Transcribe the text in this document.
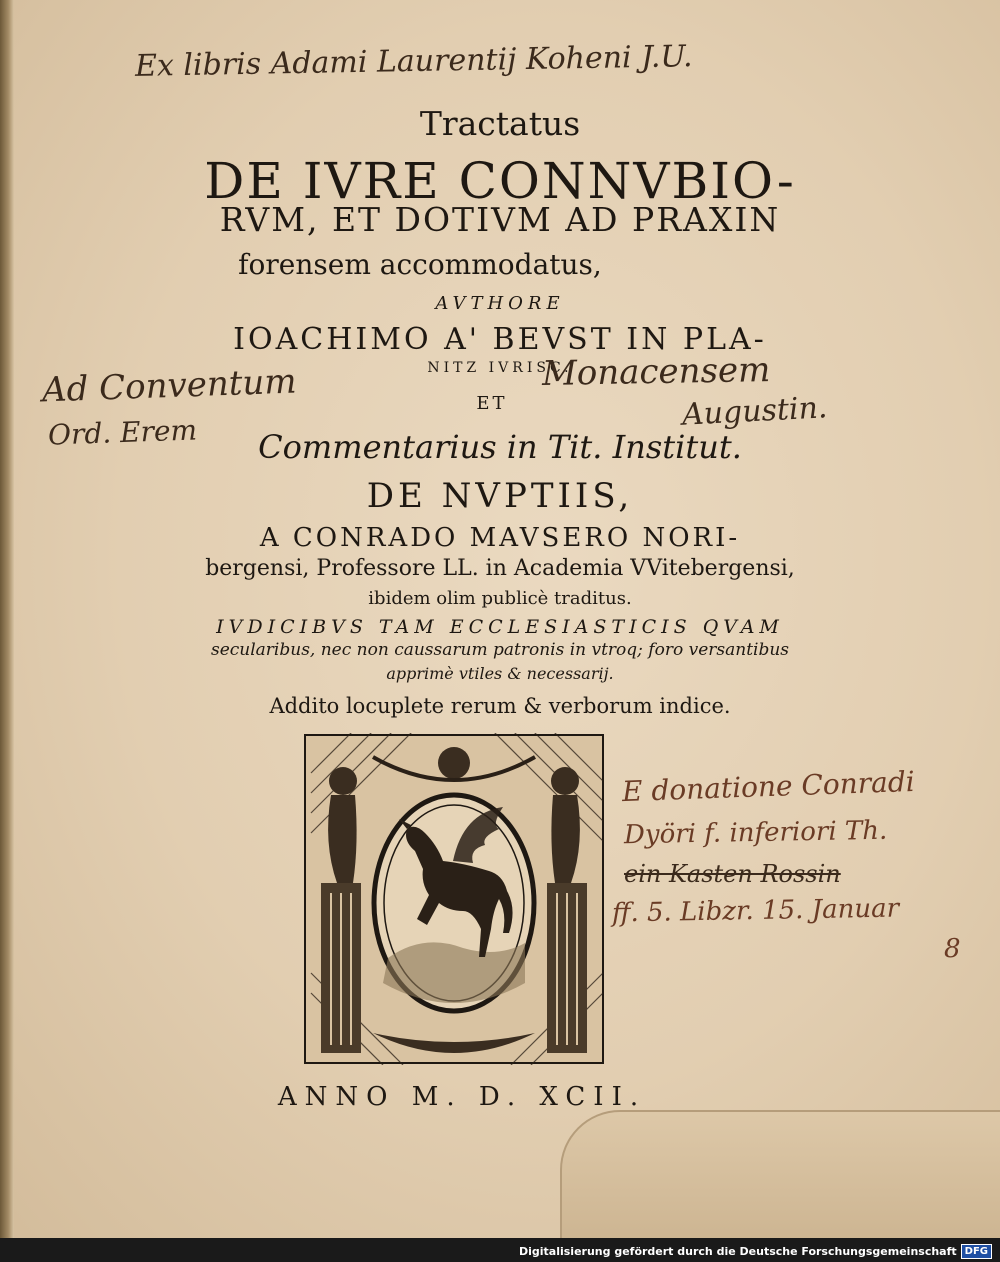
Ex libris Adami Laurentij Koheni J.U.

Tractatus

DE IVRE CONNVBIO-

RVM, ET DOTIVM AD PRAXIN

forensem accommodatus,

AVTHORE

IOACHIMO A' BEVST IN PLA-

NITZ IVRISC.

ET

Commentarius in Tit. Institut.

DE NVPTIIS,

A CONRADO MAVSERO NORI-

bergensi, Professore LL. in Academia VVitebergensi,

ibidem olim publicè traditus.

IVDICIBVS TAM ECCLESIASTICIS QVAM

secularibus, nec non caussarum patronis in vtroq; foro versantibus

apprimè vtiles & necessarij.

Addito locuplete rerum & verborum indice.

Ad Conventum
Ord. Erem
Monacensem
Augustin.
E donatione Conradi
Dyöri f. inferiori Th.
ein Kasten Rossin
ff. 5. Libzr. 15. Januar
8

ANNO M. D. XCII.

Digitalisierung gefördert durch die Deutsche Forschungsgemeinschaft DFG
